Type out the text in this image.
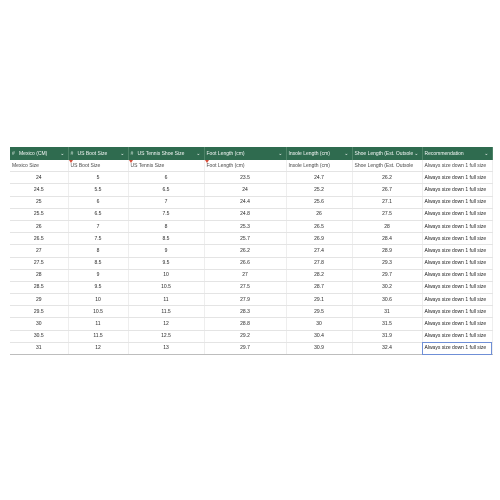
# Mexico (CM) ⌄	# US Boot Size ⌄	# US Tennis Shoe Size ⌄	Foot Length (cm) ⌄	Insole Length (cm) ⌄	Shoe Length (Est. Outsole ⌄	Recommendation ⌄

Mexico Size	US Boot Size	US Tennis Size	Foot Length (cm)	Insole Length (cm)	Shoe Length (Est. Outsole	Always size down 1 full size
24	5	6	23.5	24.7	26.2	Always size down 1 full size
24.5	5.5	6.5	24	25.2	26.7	Always size down 1 full size
25	6	7	24.4	25.6	27.1	Always size down 1 full size
25.5	6.5	7.5	24.8	26	27.5	Always size down 1 full size
26	7	8	25.3	26.5	28	Always size down 1 full size
26.5	7.5	8.5	25.7	26.9	28.4	Always size down 1 full size
27	8	9	26.2	27.4	28.9	Always size down 1 full size
27.5	8.5	9.5	26.6	27.8	29.3	Always size down 1 full size
28	9	10	27	28.2	29.7	Always size down 1 full size
28.5	9.5	10.5	27.5	28.7	30.2	Always size down 1 full size
29	10	11	27.9	29.1	30.6	Always size down 1 full size
29.5	10.5	11.5	28.3	29.5	31	Always size down 1 full size
30	11	12	28.8	30	31.5	Always size down 1 full size
30.5	11.5	12.5	29.2	30.4	31.9	Always size down 1 full size
31	12	13	29.7	30.9	32.4	Always size down 1 full size
